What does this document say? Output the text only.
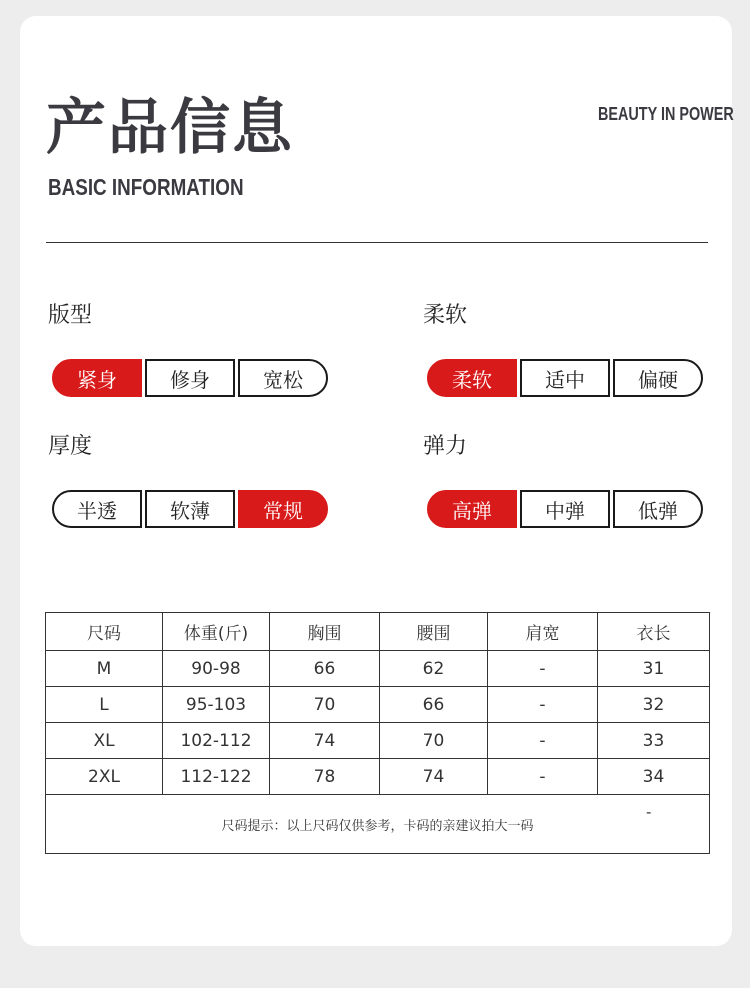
产品信息
BASIC INFORMATION
BEAUTY IN POWER
版型
紧身	修身	宽松
柔软
柔软	适中	偏硬
厚度
半透	软薄	常规
弹力
高弹	中弹	低弹
尺码	体重(斤)	胸围	腰围	肩宽	衣长
M	90-98	66	62	-	31
L	95-103	70	66	-	32
XL	102-112	74	70	-	33
2XL	112-122	78	74	-	34

-
尺码提示：以上尺码仅供参考，卡码的亲建议拍大一码					
